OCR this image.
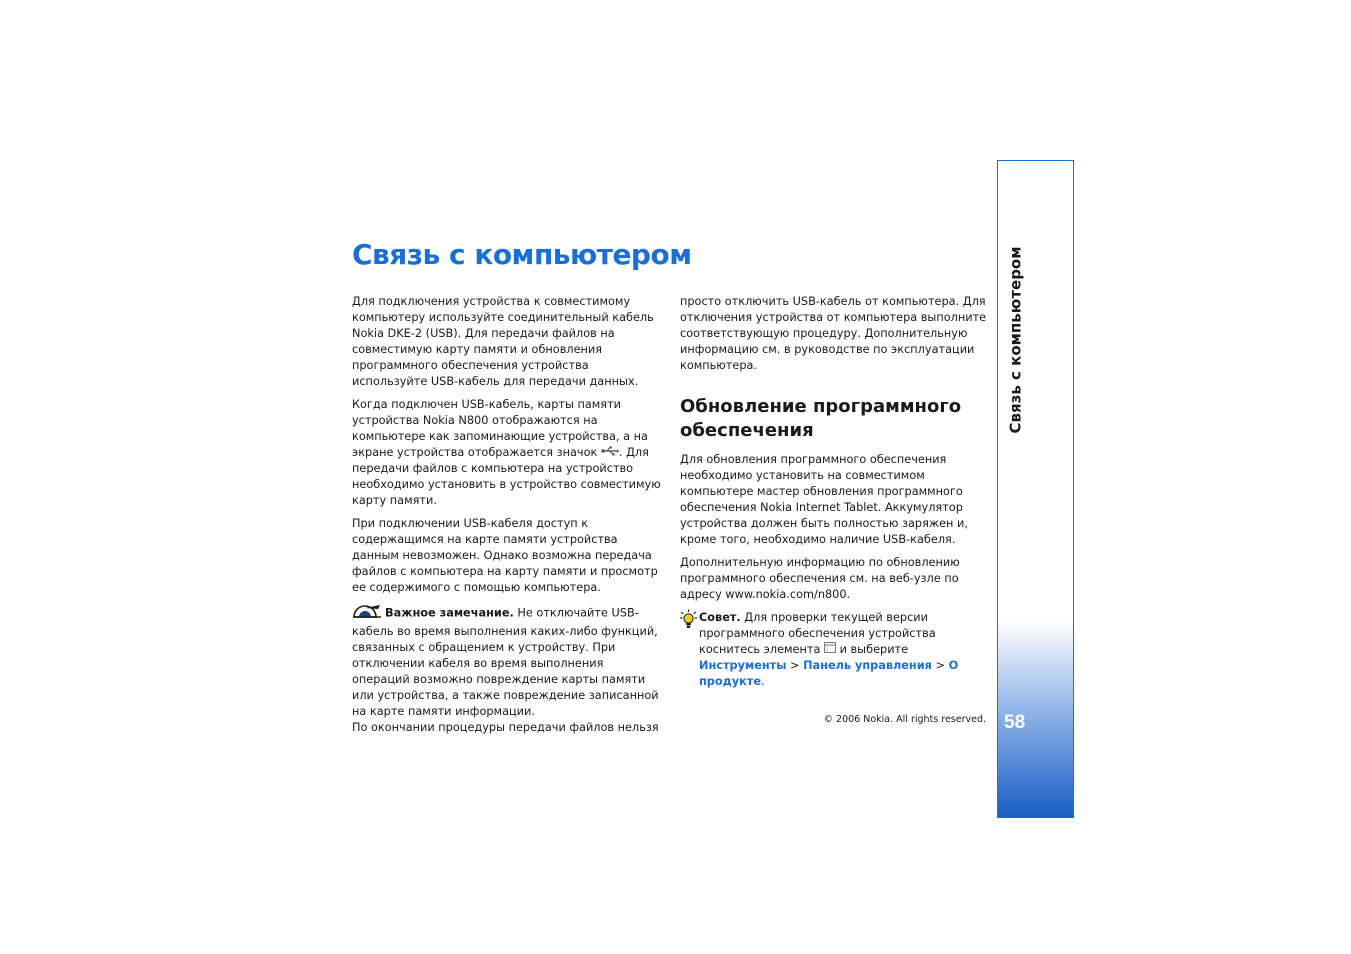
Связь с компьютером
58
Связь с компьютером

Для подключения устройства к совместимому компьютеру используйте соединительный кабель Nokia DKE-2 (USB). Для передачи файлов на совместимую карту памяти и обновления программного обеспечения устройства используйте USB-кабель для передачи данных.

Когда подключен USB-кабель, карты памяти устройства Nokia N800 отображаются на компьютере как запоминающие устройства, а на экране устройства отображается значок . Для передачи файлов с компьютера на устройство необходимо установить в устройство совместимую карту памяти.

При подключении USB-кабеля доступ к содержащимся на карте памяти устройства данным невозможен. Однако возможна передача файлов с компьютера на карту памяти и просмотр ее содержимого с помощью компьютера.

Важное замечание. Не отключайте USB-кабель во время выполнения каких-либо функций, связанных с обращением к устройству. При отключении кабеля во время выполнения операций возможно повреждение карты памяти или устройства, а также повреждение записанной на карте памяти информации.

По окончании процедуры передачи файлов нельзя

просто отключить USB-кабель от компьютера. Для отключения устройства от компьютера выполните соответствующую процедуру. Дополнительную информацию см. в руководстве по эксплуатации компьютера.

Обновление программного обеспечения

Для обновления программного обеспечения необходимо установить на совместимом компьютере мастер обновления программного обеспечения Nokia Internet Tablet. Аккумулятор устройства должен быть полностью заряжен и, кроме того, необходимо наличие USB-кабеля.

Дополнительную информацию по обновлению программного обеспечения см. на веб-узле по адресу www.nokia.com/n800.

Совет. Для проверки текущей версии программного обеспечения устройства коснитесь элемента  и выберите Инструменты > Панель управления > О продукте.
© 2006 Nokia. All rights reserved.
